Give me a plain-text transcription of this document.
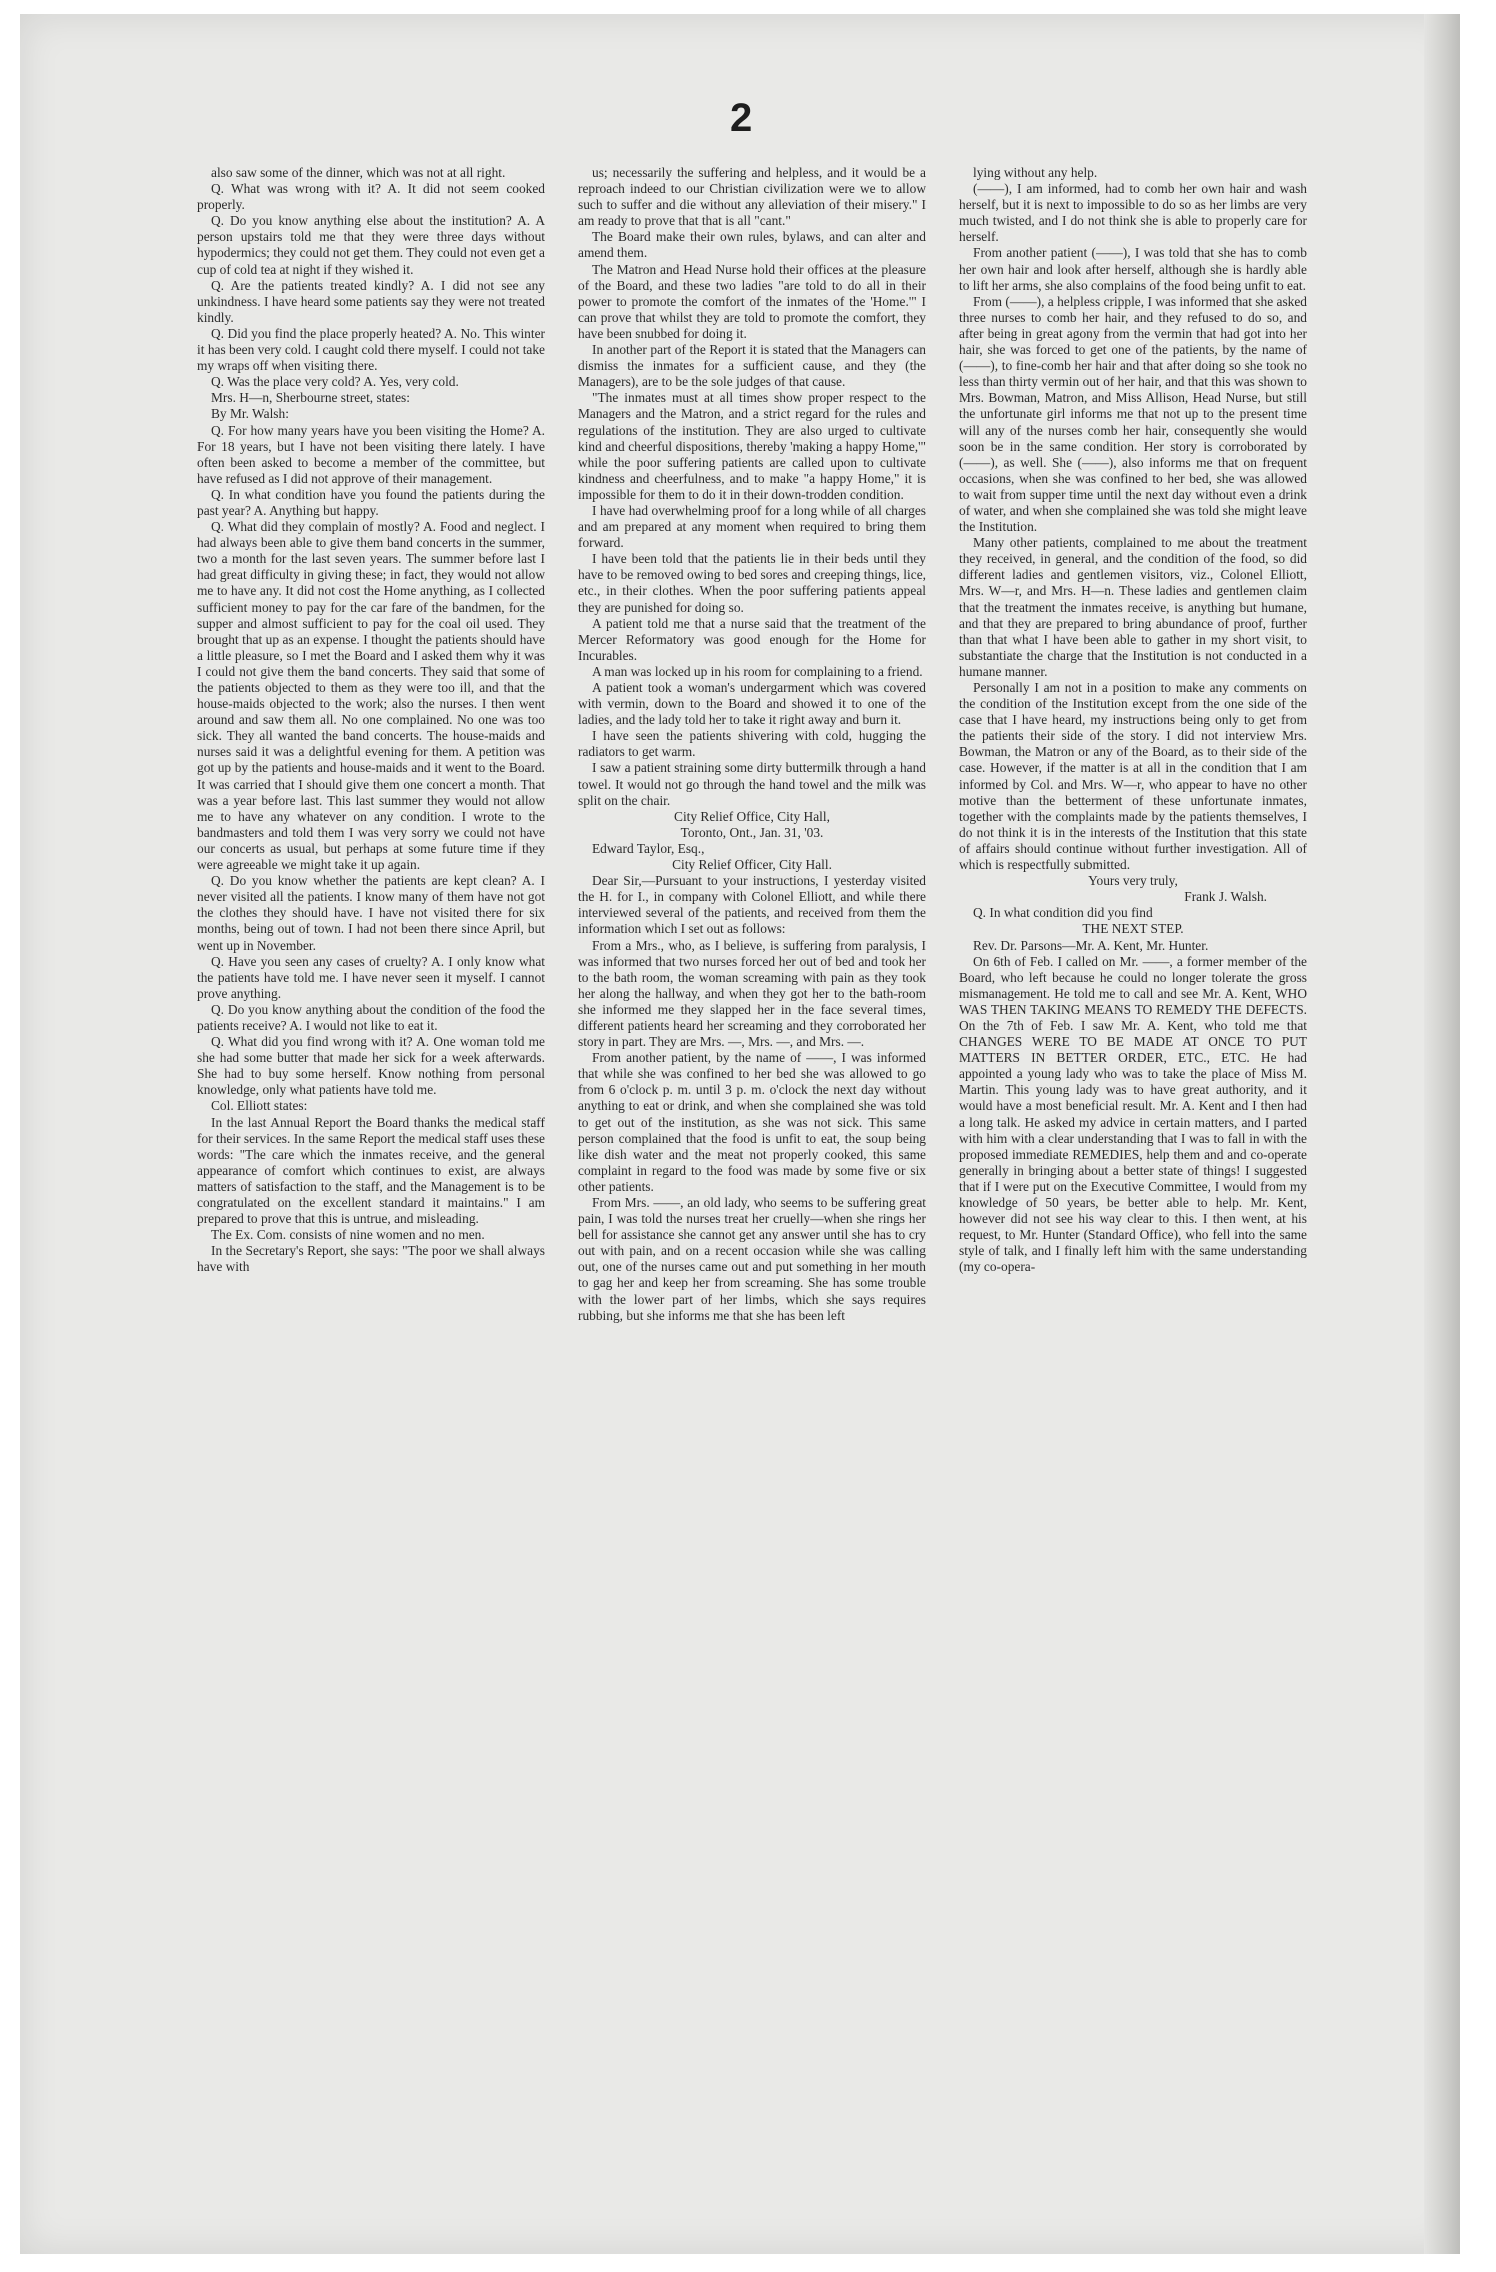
2

also saw some of the dinner, which was not at all right.

Q. What was wrong with it? A. It did not seem cooked properly.

Q. Do you know anything else about the institution? A. A person upstairs told me that they were three days without hypodermics; they could not get them. They could not even get a cup of cold tea at night if they wished it.

Q. Are the patients treated kindly? A. I did not see any unkindness. I have heard some patients say they were not treated kindly.

Q. Did you find the place properly heated? A. No. This winter it has been very cold. I caught cold there myself. I could not take my wraps off when visiting there.

Q. Was the place very cold? A. Yes, very cold.

Mrs. H—n, Sherbourne street, states:

By Mr. Walsh:

Q. For how many years have you been visiting the Home? A. For 18 years, but I have not been visiting there lately. I have often been asked to become a member of the committee, but have refused as I did not approve of their management.

Q. In what condition have you found the patients during the past year? A. Anything but happy.

Q. What did they complain of mostly? A. Food and neglect. I had always been able to give them band concerts in the summer, two a month for the last seven years. The summer before last I had great difficulty in giving these; in fact, they would not allow me to have any. It did not cost the Home anything, as I collected sufficient money to pay for the car fare of the bandmen, for the supper and almost sufficient to pay for the coal oil used. They brought that up as an expense. I thought the patients should have a little pleasure, so I met the Board and I asked them why it was I could not give them the band concerts. They said that some of the patients objected to them as they were too ill, and that the house-maids objected to the work; also the nurses. I then went around and saw them all. No one complained. No one was too sick. They all wanted the band concerts. The house-maids and nurses said it was a delightful evening for them. A petition was got up by the patients and house-maids and it went to the Board. It was carried that I should give them one concert a month. That was a year before last. This last summer they would not allow me to have any whatever on any condition. I wrote to the bandmasters and told them I was very sorry we could not have our concerts as usual, but perhaps at some future time if they were agreeable we might take it up again.

Q. Do you know whether the patients are kept clean? A. I never visited all the patients. I know many of them have not got the clothes they should have. I have not visited there for six months, being out of town. I had not been there since April, but went up in November.

Q. Have you seen any cases of cruelty? A. I only know what the patients have told me. I have never seen it myself. I cannot prove anything.

Q. Do you know anything about the condition of the food the patients receive? A. I would not like to eat it.

Q. What did you find wrong with it? A. One woman told me she had some butter that made her sick for a week afterwards. She had to buy some herself. Know nothing from personal knowledge, only what patients have told me.

Col. Elliott states:

In the last Annual Report the Board thanks the medical staff for their services. In the same Report the medical staff uses these words: "The care which the inmates receive, and the general appearance of comfort which continues to exist, are always matters of satisfaction to the staff, and the Management is to be congratulated on the excellent standard it maintains." I am prepared to prove that this is untrue, and misleading.

The Ex. Com. consists of nine women and no men.

In the Secretary's Report, she says: "The poor we shall always have with

us; necessarily the suffering and helpless, and it would be a reproach indeed to our Christian civilization were we to allow such to suffer and die without any alleviation of their misery." I am ready to prove that that is all "cant."

The Board make their own rules, bylaws, and can alter and amend them.

The Matron and Head Nurse hold their offices at the pleasure of the Board, and these two ladies "are told to do all in their power to promote the comfort of the inmates of the 'Home.'" I can prove that whilst they are told to promote the comfort, they have been snubbed for doing it.

In another part of the Report it is stated that the Managers can dismiss the inmates for a sufficient cause, and they (the Managers), are to be the sole judges of that cause.

"The inmates must at all times show proper respect to the Managers and the Matron, and a strict regard for the rules and regulations of the institution. They are also urged to cultivate kind and cheerful dispositions, thereby 'making a happy Home,'" while the poor suffering patients are called upon to cultivate kindness and cheerfulness, and to make "a happy Home," it is impossible for them to do it in their down-trodden condition.

I have had overwhelming proof for a long while of all charges and am prepared at any moment when required to bring them forward.

I have been told that the patients lie in their beds until they have to be removed owing to bed sores and creeping things, lice, etc., in their clothes. When the poor suffering patients appeal they are punished for doing so.

A patient told me that a nurse said that the treatment of the Mercer Reformatory was good enough for the Home for Incurables.

A man was locked up in his room for complaining to a friend.

A patient took a woman's undergarment which was covered with vermin, down to the Board and showed it to one of the ladies, and the lady told her to take it right away and burn it.

I have seen the patients shivering with cold, hugging the radiators to get warm.

I saw a patient straining some dirty buttermilk through a hand towel. It would not go through the hand towel and the milk was split on the chair.

City Relief Office, City Hall,

Toronto, Ont., Jan. 31, '03.

Edward Taylor, Esq.,

City Relief Officer, City Hall.

Dear Sir,—Pursuant to your instructions, I yesterday visited the H. for I., in company with Colonel Elliott, and while there interviewed several of the patients, and received from them the information which I set out as follows:

From a Mrs., who, as I believe, is suffering from paralysis, I was informed that two nurses forced her out of bed and took her to the bath room, the woman screaming with pain as they took her along the hallway, and when they got her to the bath-room she informed me they slapped her in the face several times, different patients heard her screaming and they corroborated her story in part. They are Mrs. —, Mrs. —, and Mrs. —.

From another patient, by the name of ——, I was informed that while she was confined to her bed she was allowed to go from 6 o'clock p. m. until 3 p. m. o'clock the next day without anything to eat or drink, and when she complained she was told to get out of the institution, as she was not sick. This same person complained that the food is unfit to eat, the soup being like dish water and the meat not properly cooked, this same complaint in regard to the food was made by some five or six other patients.

From Mrs. ——, an old lady, who seems to be suffering great pain, I was told the nurses treat her cruelly—when she rings her bell for assistance she cannot get any answer until she has to cry out with pain, and on a recent occasion while she was calling out, one of the nurses came out and put something in her mouth to gag her and keep her from screaming. She has some trouble with the lower part of her limbs, which she says requires rubbing, but she informs me that she has been left

lying without any help.

(——), I am informed, had to comb her own hair and wash herself, but it is next to impossible to do so as her limbs are very much twisted, and I do not think she is able to properly care for herself.

From another patient (——), I was told that she has to comb her own hair and look after herself, although she is hardly able to lift her arms, she also complains of the food being unfit to eat.

From (——), a helpless cripple, I was informed that she asked three nurses to comb her hair, and they refused to do so, and after being in great agony from the vermin that had got into her hair, she was forced to get one of the patients, by the name of (——), to fine-comb her hair and that after doing so she took no less than thirty vermin out of her hair, and that this was shown to Mrs. Bowman, Matron, and Miss Allison, Head Nurse, but still the unfortunate girl informs me that not up to the present time will any of the nurses comb her hair, consequently she would soon be in the same condition. Her story is corroborated by (——), as well. She (——), also informs me that on frequent occasions, when she was confined to her bed, she was allowed to wait from supper time until the next day without even a drink of water, and when she complained she was told she might leave the Institution.

Many other patients, complained to me about the treatment they received, in general, and the condition of the food, so did different ladies and gentlemen visitors, viz., Colonel Elliott, Mrs. W—r, and Mrs. H—n. These ladies and gentlemen claim that the treatment the inmates receive, is anything but humane, and that they are prepared to bring abundance of proof, further than that what I have been able to gather in my short visit, to substantiate the charge that the Institution is not conducted in a humane manner.

Personally I am not in a position to make any comments on the condition of the Institution except from the one side of the case that I have heard, my instructions being only to get from the patients their side of the story. I did not interview Mrs. Bowman, the Matron or any of the Board, as to their side of the case. However, if the matter is at all in the condition that I am informed by Col. and Mrs. W—r, who appear to have no other motive than the betterment of these unfortunate inmates, together with the complaints made by the patients themselves, I do not think it is in the interests of the Institution that this state of affairs should continue without further investigation. All of which is respectfully submitted.

Yours very truly,

Frank J. Walsh.

Q. In what condition did you find

THE NEXT STEP.

Rev. Dr. Parsons—Mr. A. Kent, Mr. Hunter.

On 6th of Feb. I called on Mr. ——, a former member of the Board, who left because he could no longer tolerate the gross mismanagement. He told me to call and see Mr. A. Kent, WHO WAS THEN TAKING MEANS TO REMEDY THE DEFECTS. On the 7th of Feb. I saw Mr. A. Kent, who told me that CHANGES WERE TO BE MADE AT ONCE TO PUT MATTERS IN BETTER ORDER, ETC., ETC. He had appointed a young lady who was to take the place of Miss M. Martin. This young lady was to have great authority, and it would have a most beneficial result. Mr. A. Kent and I then had a long talk. He asked my advice in certain matters, and I parted with him with a clear understanding that I was to fall in with the proposed immediate REMEDIES, help them and and co-operate generally in bringing about a better state of things! I suggested that if I were put on the Executive Committee, I would from my knowledge of 50 years, be better able to help. Mr. Kent, however did not see his way clear to this. I then went, at his request, to Mr. Hunter (Standard Office), who fell into the same style of talk, and I finally left him with the same understanding (my co-opera-
